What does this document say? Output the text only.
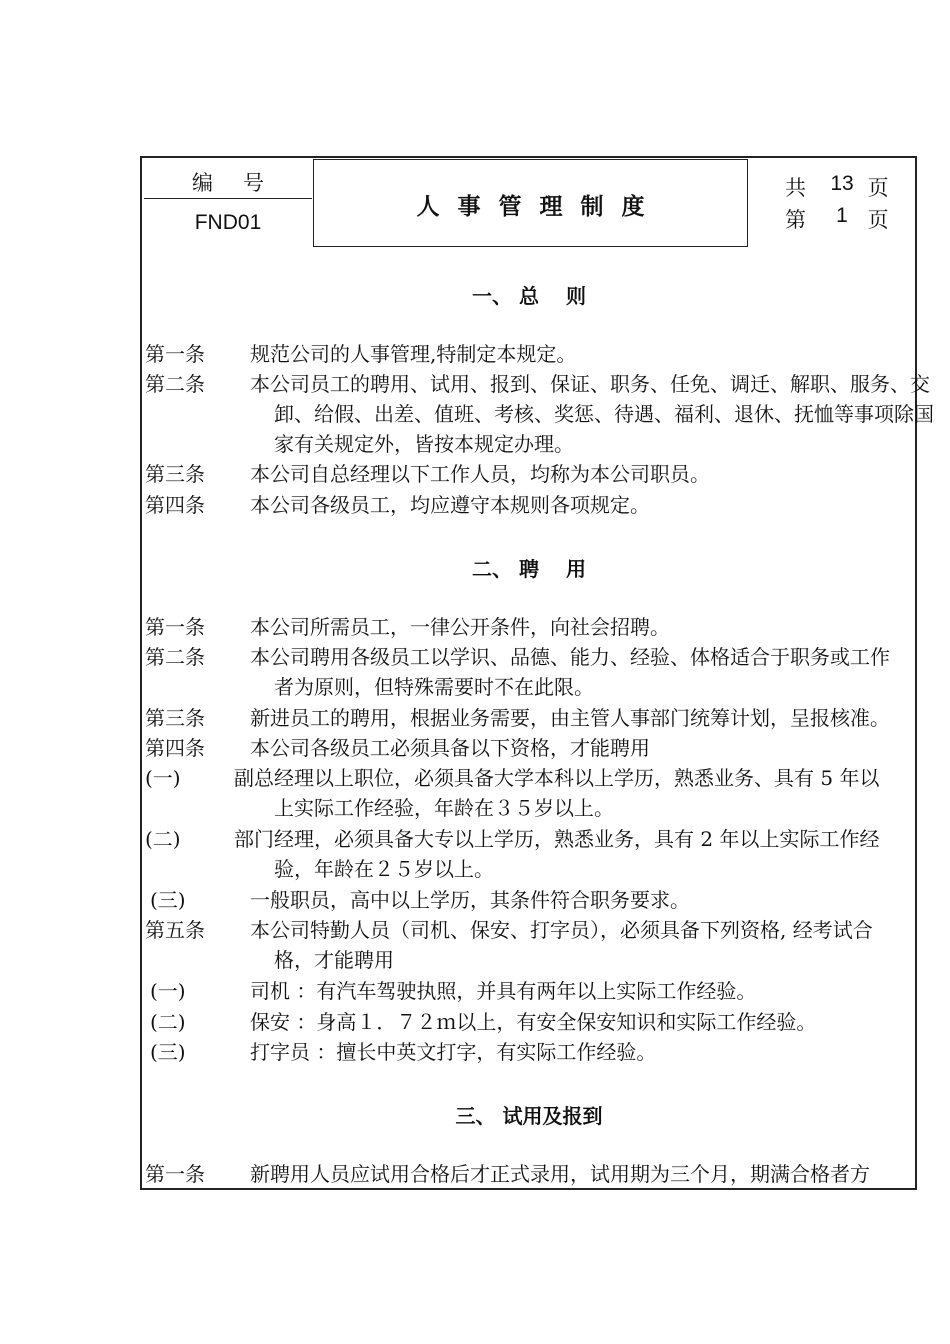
编号
FND01
人事管理制度
共	13 页
第	1 页
一、 总　 则
第一条 规范公司的人事管理,特制定本规定。
第二条 本公司员工的聘用、试用、报到、保证、职务、任免、调迁、解职、服务、交
卸、给假、出差、值班、考核、奖惩、待遇、福利、退休、抚恤等事项除国
家有关规定外，皆按本规定办理。
第三条 本公司自总经理以下工作人员，均称为本公司职员。
第四条 本公司各级员工，均应遵守本规则各项规定。
二、 聘　 用
第一条 本公司所需员工，一律公开条件，向社会招聘。
第二条 本公司聘用各级员工以学识、品德、能力、经验、体格适合于职务或工作
者为原则，但特殊需要时不在此限。
第三条 新进员工的聘用，根据业务需要，由主管人事部门统筹计划，呈报核准。
第四条 本公司各级员工必须具备以下资格，才能聘用
(一)	副总经理以上职位，必须具备大学本科以上学历，熟悉业务、具有 5 年以
上实际工作经验，年龄在３５岁以上。
(二)	部门经理，必须具备大专以上学历，熟悉业务，具有 2 年以上实际工作经
验，年龄在２５岁以上。
(三)	一般职员，高中以上学历，其条件符合职务要求。
第五条 本公司特勤人员（司机、保安、打字员），必须具备下列资格, 经考试合
格，才能聘用
(一)	司机 ：有汽车驾驶执照，并具有两年以上实际工作经验。
(二)	保安 ：身高１．７２ｍ以上，有安全保安知识和实际工作经验。
(三)	打字员 ：擅长中英文打字，有实际工作经验。
三、 试用及报到
第一条 新聘用人员应试用合格后才正式录用，试用期为三个月，期满合格者方
